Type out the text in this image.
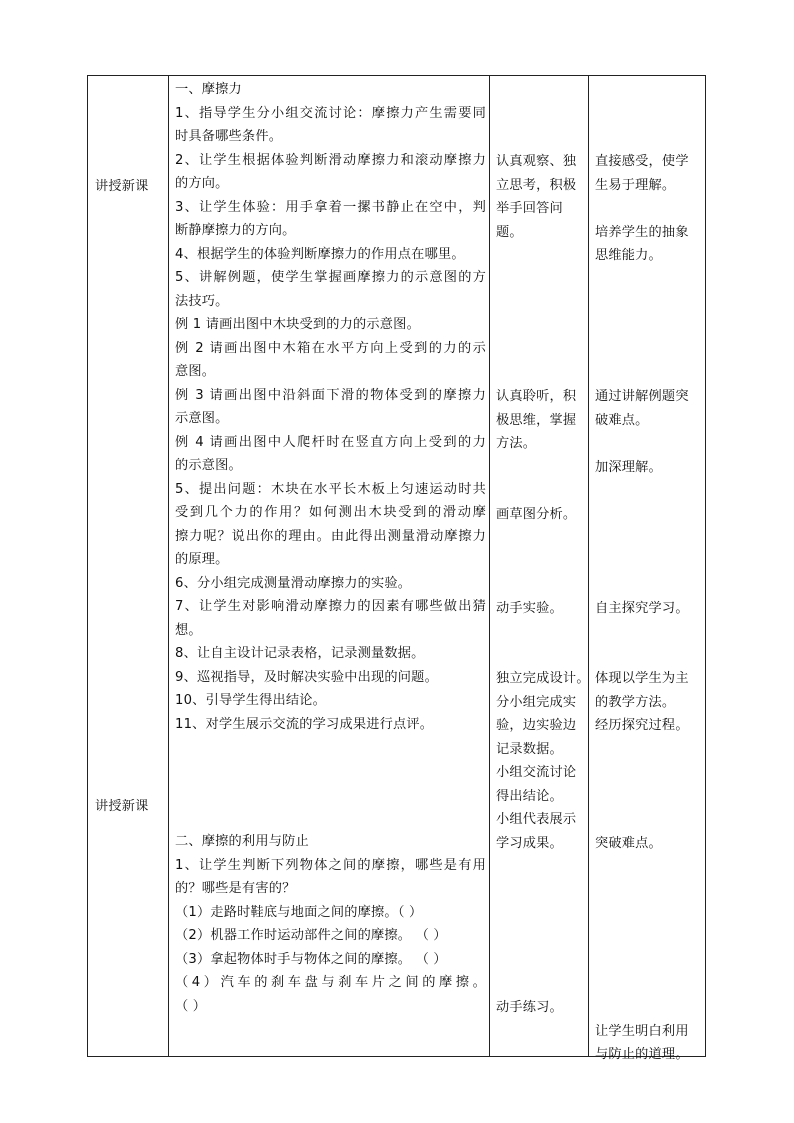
讲授新课
讲授新课
一、摩擦力
1、指导学生分小组交流讨论：摩擦力产生需要同
时具备哪些条件。
2、让学生根据体验判断滑动摩擦力和滚动摩擦力
的方向。
3、让学生体验：用手拿着一摞书静止在空中，判
断静摩擦力的方向。
4、根据学生的体验判断摩擦力的作用点在哪里。
5、讲解例题，使学生掌握画摩擦力的示意图的方
法技巧。
例 1 请画出图中木块受到的力的示意图。
例 2 请画出图中木箱在水平方向上受到的力的示
意图。
例 3 请画出图中沿斜面下滑的物体受到的摩擦力
示意图。
例 4 请画出图中人爬杆时在竖直方向上受到的力
的示意图。
5、提出问题：木块在水平长木板上匀速运动时共
受到几个力的作用？如何测出木块受到的滑动摩
擦力呢？说出你的理由。由此得出测量滑动摩擦力
的原理。
6、分小组完成测量滑动摩擦力的实验。
7、让学生对影响滑动摩擦力的因素有哪些做出猜
想。
8、让自主设计记录表格，记录测量数据。
9、巡视指导，及时解决实验中出现的问题。
10、引导学生得出结论。
11、对学生展示交流的学习成果进行点评。
二、摩擦的利用与防止
1、让学生判断下列物体之间的摩擦，哪些是有用
的？哪些是有害的？
（1）走路时鞋底与地面之间的摩擦。（ ）
（2）机器工作时运动部件之间的摩擦。 （ ）
（3）拿起物体时手与物体之间的摩擦。 （ ）
（4）汽车的刹车盘与刹车片之间的摩擦。
（ ）
认真观察、独
立思考，积极
举手回答问
题。

认真聆听，积
极思维，掌握
方法。

画草图分析。

动手实验。

独立完成设计。
分小组完成实
验，边实验边
记录数据。
小组交流讨论
得出结论。
小组代表展示
学习成果。

动手练习。
直接感受，使学
生易于理解。

培养学生的抽象
思维能力。

通过讲解例题突
破难点。

加深理解。

自主探究学习。

体现以学生为主
的教学方法。
经历探究过程。

突破难点。

让学生明白利用
与防止的道理。
